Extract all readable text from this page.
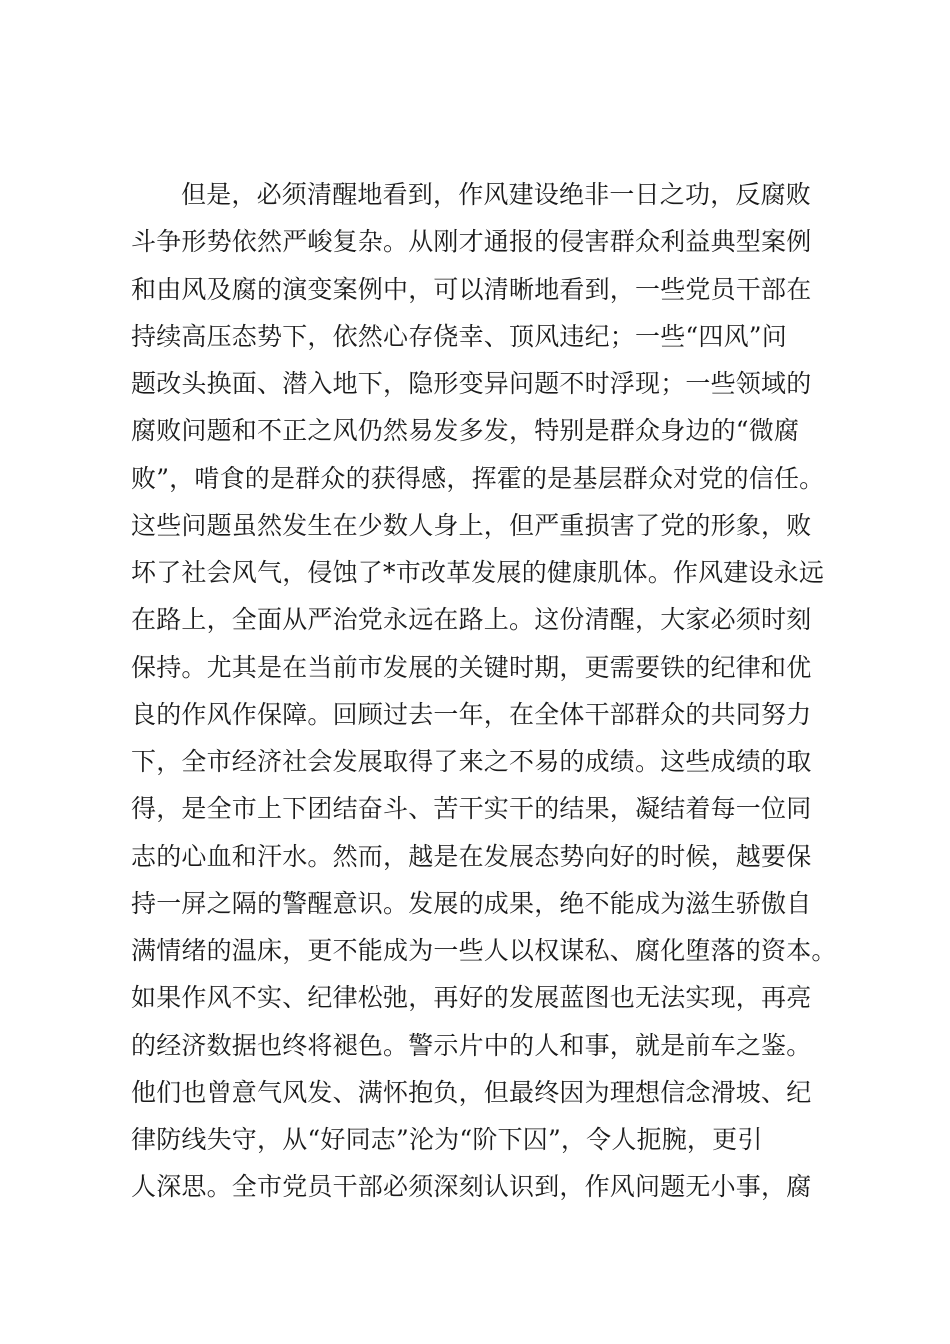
但是，必须清醒地看到，作风建设绝非一日之功，反腐败
斗争形势依然严峻复杂。从刚才通报的侵害群众利益典型案例
和由风及腐的演变案例中，可以清晰地看到，一些党员干部在
持续高压态势下，依然心存侥幸、顶风违纪；一些“四风”问
题改头换面、潜入地下，隐形变异问题不时浮现；一些领域的
腐败问题和不正之风仍然易发多发，特别是群众身边的“微腐
败”，啃食的是群众的获得感，挥霍的是基层群众对党的信任。
这些问题虽然发生在少数人身上，但严重损害了党的形象，败
坏了社会风气，侵蚀了*市改革发展的健康肌体。作风建设永远
在路上，全面从严治党永远在路上。这份清醒，大家必须时刻
保持。尤其是在当前市发展的关键时期，更需要铁的纪律和优
良的作风作保障。回顾过去一年，在全体干部群众的共同努力
下，全市经济社会发展取得了来之不易的成绩。这些成绩的取
得，是全市上下团结奋斗、苦干实干的结果，凝结着每一位同
志的心血和汗水。然而，越是在发展态势向好的时候，越要保
持一屏之隔的警醒意识。发展的成果，绝不能成为滋生骄傲自
满情绪的温床，更不能成为一些人以权谋私、腐化堕落的资本。
如果作风不实、纪律松弛，再好的发展蓝图也无法实现，再亮
的经济数据也终将褪色。警示片中的人和事，就是前车之鉴。
他们也曾意气风发、满怀抱负，但最终因为理想信念滑坡、纪
律防线失守，从“好同志”沦为“阶下囚”，令人扼腕，更引
人深思。全市党员干部必须深刻认识到，作风问题无小事，腐
